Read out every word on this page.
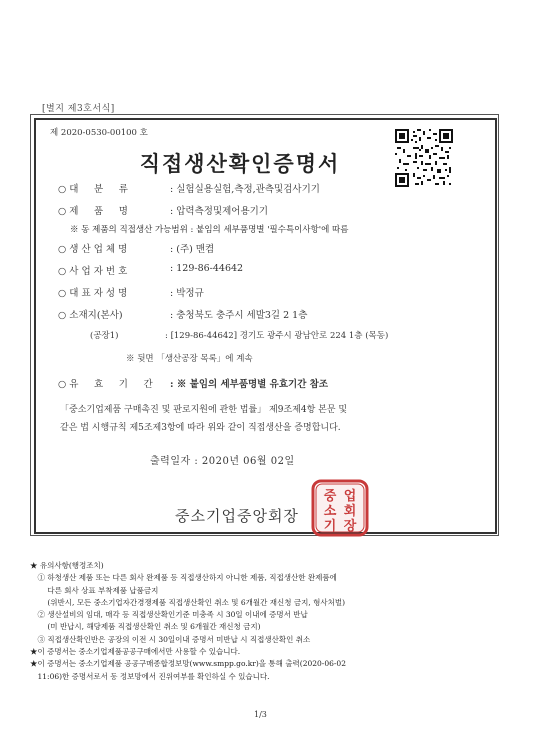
[별지 제3호서식]
제 2020-0530-00100 호
직접생산확인증명서
○ 대 　 분 　 류	: 실험실용실험,측정,관측및검사기기
○ 제 　 품 　 명	: 압력측정및제어용기기
※ 동 제품의 직접생산 가능범위 : 붙임의 세부품명별 '필수특이사항'에 따름
○ 생 산 업 체 명	: (주) 맨켬
○ 사 업 자 번 호	: 129-86-44642
○ 대 표 자 성 명	: 박정규
○ 소재지(본사)	: 충청북도 충주시 세발3길 2 1층
(공장1)	: [129-86-44642] 경기도 광주시 광남안로 224 1층 (목동)
※ 뒷면 「생산공장 목록」에 계속
○ 유 　 효 　 기 　 간 : ※ 붙임의 세부품명별 유효기간 참조
「중소기업제품 구매촉진 및 판로지원에 관한 법률」 제9조제4항 본문 및
같은 법 시행규칙 제5조제3항에 따라 위와 같이 직접생산을 증명합니다.
출력일자 : 2020년 06월 02일
중소기업중앙회장
중 업
소 회
기 장
★ 유의사항(행정조치)
　① 하청생산 제품 또는 다른 회사 완제품 등 직접생산하지 아니한 제품, 직접생산한 완제품에
　　 다른 회사 상표 부착제품 납품금지
　　 (위반시, 모든 중소기업자간경쟁제품 직접생산확인 취소 및 6개월간 재신청 금지, 형사처벌)
　② 생산설비의 임대, 매각 등 직접생산확인기준 미충족 시 30일 이내에 증명서 반납
　　 (미 반납시, 해당제품 직접생산확인 취소 및 6개월간 재신청 금지)
　③ 직접생산확인반은 공장의 이전 시 30일이내 증명서 미반납 시 직접생산확인 취소
★이 증명서는 중소기업제품공공구매에서만 사용할 수 있습니다.
★이 증명서는 중소기업제품 공공구매종합정보망(www.smpp.go.kr)을 통해 출력(2020-06-02
　11:06)한 증명서로서 동 정보망에서 진위여부를 확인하실 수 있습니다.
1/3
